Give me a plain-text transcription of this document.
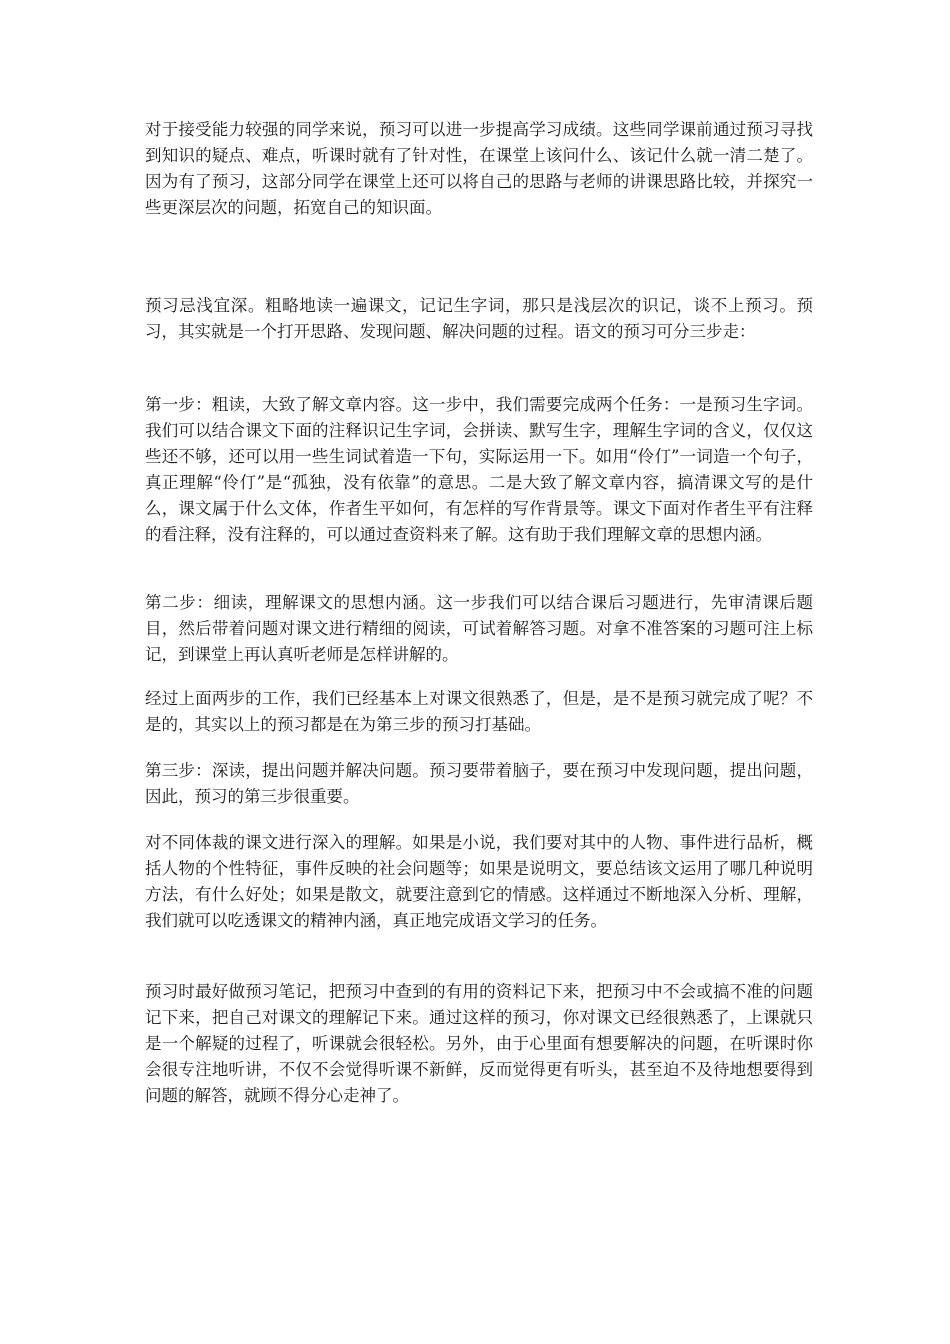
对于接受能力较强的同学来说，预习可以进一步提高学习成绩。这些同学课前通过预习寻找到知识的疑点、难点，听课时就有了针对性，在课堂上该问什么、该记什么就一清二楚了。因为有了预习，这部分同学在课堂上还可以将自己的思路与老师的讲课思路比较，并探究一些更深层次的问题，拓宽自己的知识面。

预习忌浅宜深。粗略地读一遍课文，记记生字词，那只是浅层次的识记，谈不上预习。预习，其实就是一个打开思路、发现问题、解决问题的过程。语文的预习可分三步走：

第一步：粗读，大致了解文章内容。这一步中，我们需要完成两个任务：一是预习生字词。我们可以结合课文下面的注释识记生字词，会拼读、默写生字，理解生字词的含义，仅仅这些还不够，还可以用一些生词试着造一下句，实际运用一下。如用“伶仃”一词造一个句子，真正理解“伶仃”是“孤独，没有依靠”的意思。二是大致了解文章内容，搞清课文写的是什么，课文属于什么文体，作者生平如何，有怎样的写作背景等。课文下面对作者生平有注释的看注释，没有注释的，可以通过查资料来了解。这有助于我们理解文章的思想内涵。

第二步：细读，理解课文的思想内涵。这一步我们可以结合课后习题进行，先审清课后题目，然后带着问题对课文进行精细的阅读，可试着解答习题。对拿不准答案的习题可注上标记，到课堂上再认真听老师是怎样讲解的。

经过上面两步的工作，我们已经基本上对课文很熟悉了，但是，是不是预习就完成了呢？不是的，其实以上的预习都是在为第三步的预习打基础。

第三步：深读，提出问题并解决问题。预习要带着脑子，要在预习中发现问题，提出问题，因此，预习的第三步很重要。

对不同体裁的课文进行深入的理解。如果是小说，我们要对其中的人物、事件进行品析，概括人物的个性特征，事件反映的社会问题等；如果是说明文，要总结该文运用了哪几种说明方法，有什么好处；如果是散文，就要注意到它的情感。这样通过不断地深入分析、理解，我们就可以吃透课文的精神内涵，真正地完成语文学习的任务。

预习时最好做预习笔记，把预习中查到的有用的资料记下来，把预习中不会或搞不准的问题记下来，把自己对课文的理解记下来。通过这样的预习，你对课文已经很熟悉了，上课就只是一个解疑的过程了，听课就会很轻松。另外，由于心里面有想要解决的问题，在听课时你会很专注地听讲，不仅不会觉得听课不新鲜，反而觉得更有听头，甚至迫不及待地想要得到问题的解答，就顾不得分心走神了。
